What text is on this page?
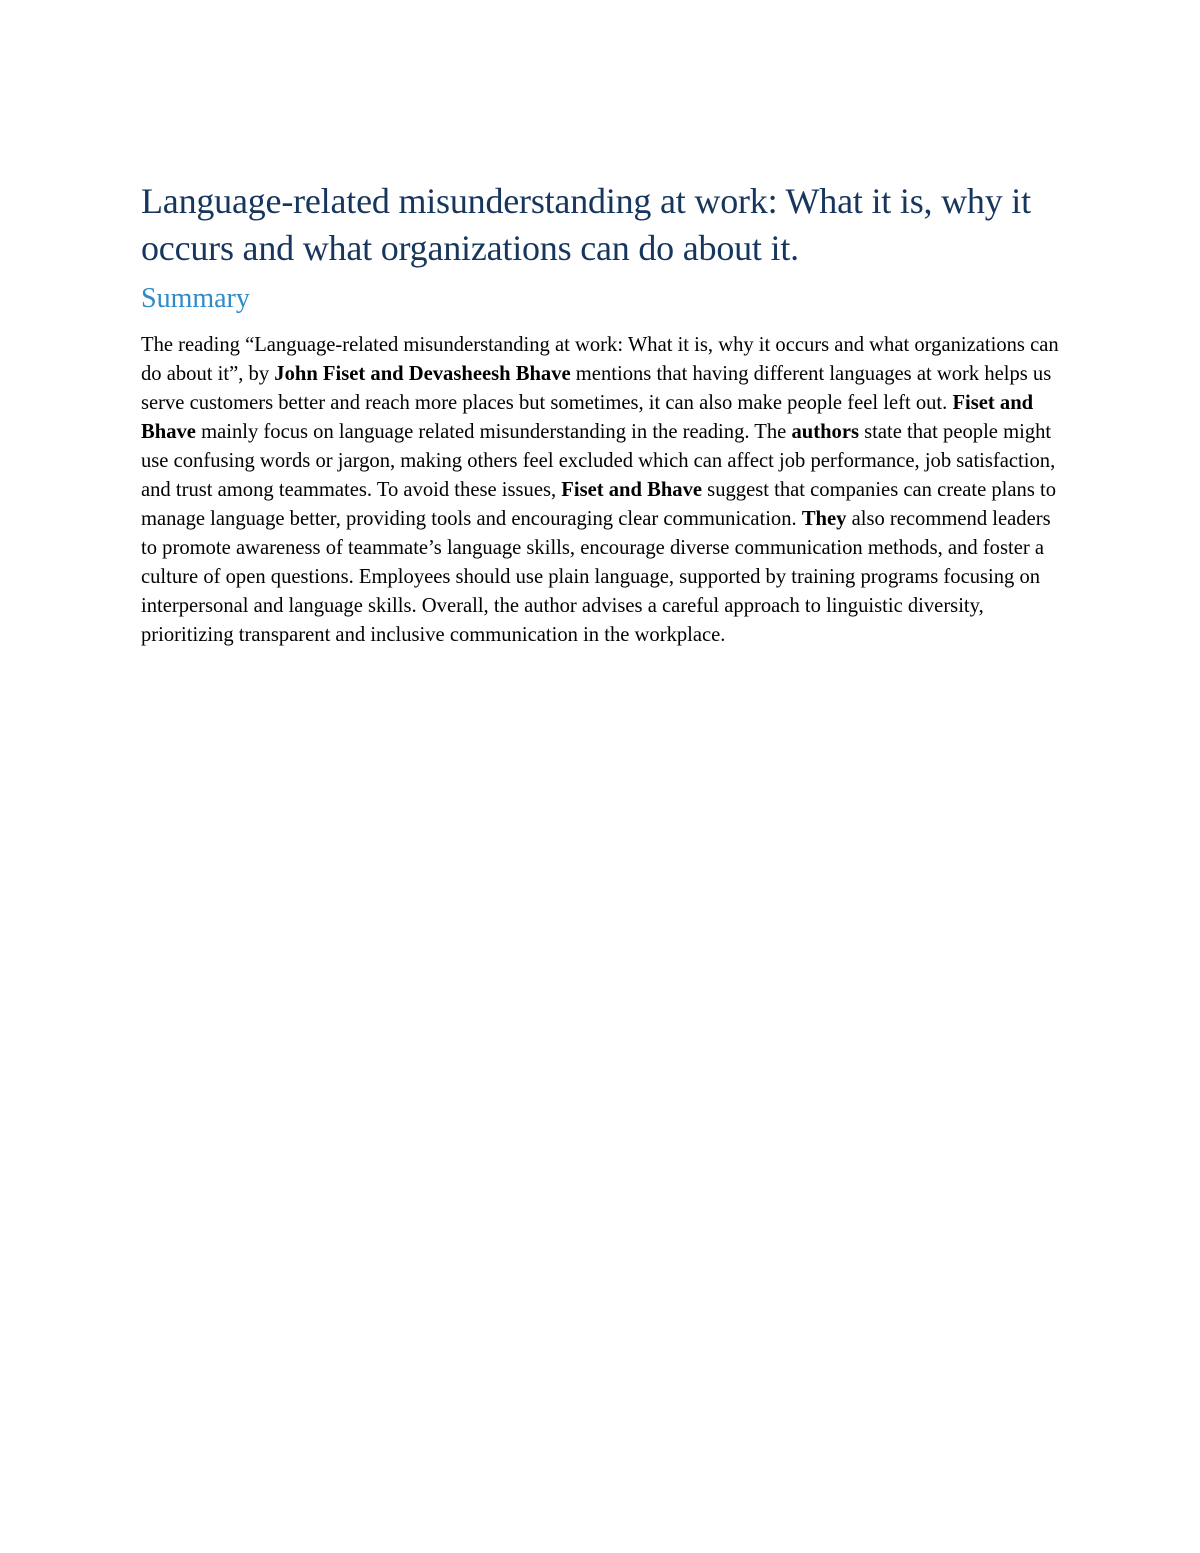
Language-related misunderstanding at work: What it is, why it occurs and what organizations can do about it.
Summary

The reading “Language-related misunderstanding at work: What it is, why it occurs and what organizations can do about it”, by John Fiset and Devasheesh Bhave mentions that having different languages at work helps us serve customers better and reach more places but sometimes, it can also make people feel left out. Fiset and Bhave mainly focus on language related misunderstanding in the reading. The authors state that people might use confusing words or jargon, making others feel excluded which can affect job performance, job satisfaction, and trust among teammates. To avoid these issues, Fiset and Bhave suggest that companies can create plans to manage language better, providing tools and encouraging clear communication. They also recommend leaders to promote awareness of teammate’s language skills, encourage diverse communication methods, and foster a culture of open questions. Employees should use plain language, supported by training programs focusing on interpersonal and language skills. Overall, the author advises a careful approach to linguistic diversity, prioritizing transparent and inclusive communication in the workplace.
